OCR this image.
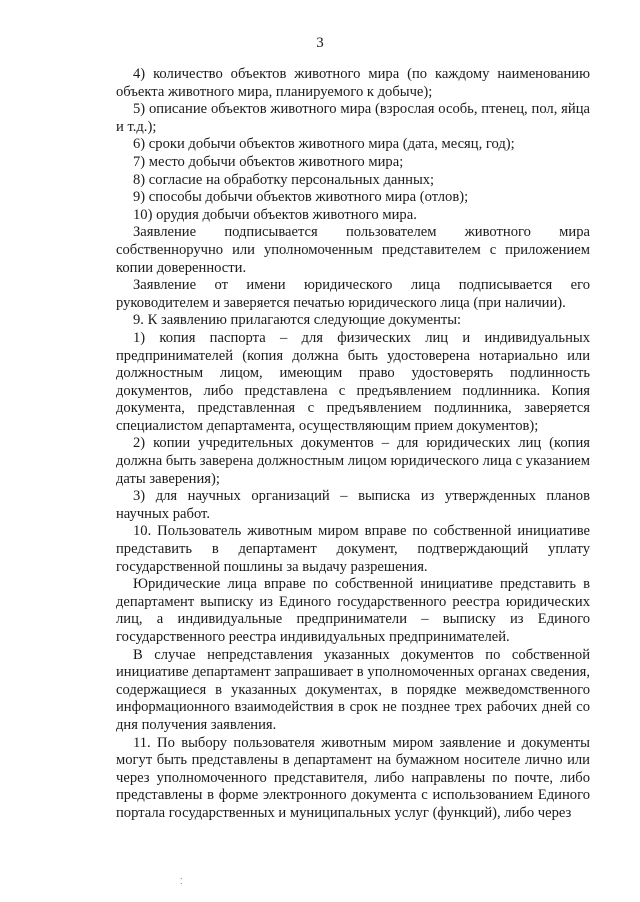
3

4) количество объектов животного мира (по каждому наименованию объекта животного мира, планируемого к добыче);

5) описание объектов животного мира (взрослая особь, птенец, пол, яйца и т.д.);

6) сроки добычи объектов животного мира (дата, месяц, год);

7) место добычи объектов животного мира;

8) согласие на обработку персональных данных;

9) способы добычи объектов животного мира (отлов);

10) орудия добычи объектов животного мира.

Заявление подписывается пользователем животного мира собственноручно или уполномоченным представителем с приложением копии доверенности.

Заявление от имени юридического лица подписывается его руководителем и заверяется печатью юридического лица (при наличии).

9. К заявлению прилагаются следующие документы:

1) копия паспорта – для физических лиц и индивидуальных предпринимателей (копия должна быть удостоверена нотариально или должностным лицом, имеющим право удостоверять подлинность документов, либо представлена с предъявлением подлинника. Копия документа, представленная с предъявлением подлинника, заверяется специалистом департамента, осуществляющим прием документов);

2) копии учредительных документов – для юридических лиц (копия должна быть заверена должностным лицом юридического лица с указанием даты заверения);

3) для научных организаций – выписка из утвержденных планов научных работ.

10. Пользователь животным миром вправе по собственной инициативе представить в департамент документ, подтверждающий уплату государственной пошлины за выдачу разрешения.

Юридические лица вправе по собственной инициативе представить в департамент выписку из Единого государственного реестра юридических лиц, а индивидуальные предприниматели – выписку из Единого государственного реестра индивидуальных предпринимателей.

В случае непредставления указанных документов по собственной инициативе департамент запрашивает в уполномоченных органах сведения, содержащиеся в указанных документах, в порядке межведомственного информационного взаимодействия в срок не позднее трех рабочих дней со дня получения заявления.

11. По выбору пользователя животным миром заявление и документы могут быть представлены в департамент на бумажном носителе лично или через уполномоченного представителя, либо направлены по почте, либо представлены в форме электронного документа с использованием Единого портала государственных и муниципальных услуг (функций), либо через

⁚
